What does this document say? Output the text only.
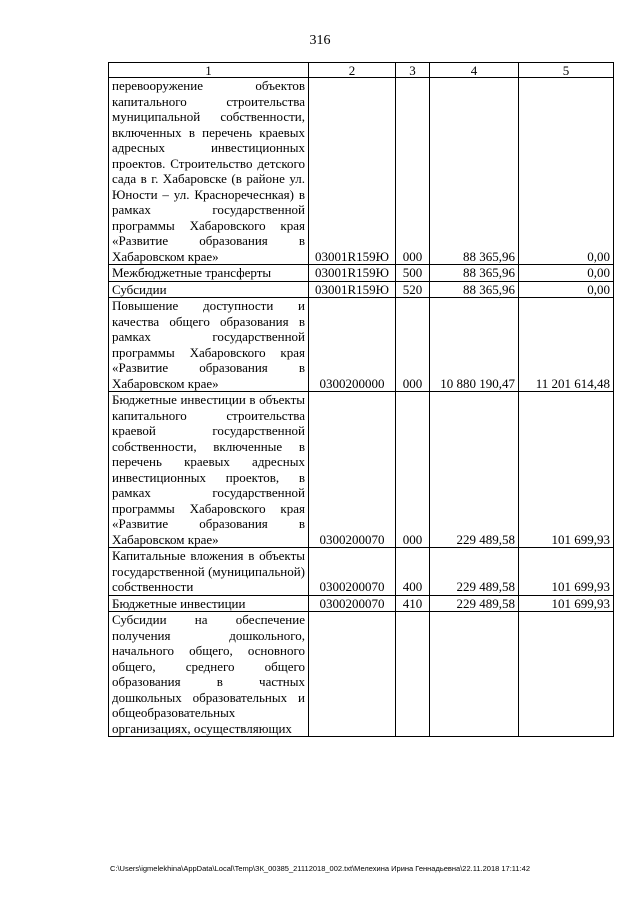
316
1	2	3	4	5
перевооружение объектов капитального строительства муниципальной собственности, включенных в перечень краевых адресных инвестиционных проектов. Строительство детского сада в г. Хабаровске (в районе ул. Юности – ул. Красноречеснкая) в рамках государственной программы Хабаровского края «Развитие образования в Хабаровском крае»	03001R159Ю	000	88 365,96	0,00
Межбюджетные трансферты	03001R159Ю	500	88 365,96	0,00
Субсидии	03001R159Ю	520	88 365,96	0,00
Повышение доступности и качества общего образования в рамках государственной программы Хабаровского края «Развитие образования в Хабаровском крае»	0300200000	000	10 880 190,47	11 201 614,48
Бюджетные инвестиции в объекты капитального строительства краевой государственной собственности, включенные в перечень краевых адресных инвестиционных проектов, в рамках государственной программы Хабаровского края «Развитие образования в Хабаровском крае»	0300200070	000	229 489,58	101 699,93
Капитальные вложения в объекты государственной (муниципальной) собственности	0300200070	400	229 489,58	101 699,93
Бюджетные инвестиции	0300200070	410	229 489,58	101 699,93
Субсидии на обеспечение получения дошкольного, начального общего, основного общего, среднего общего образования в частных дошкольных образовательных и общеобразовательных организациях, осуществляющих				
C:\Users\igmelekhina\AppData\Local\Temp\ЗК_00385_21112018_002.txt\Мелехина Ирина Геннадьевна\22.11.2018 17:11:42
